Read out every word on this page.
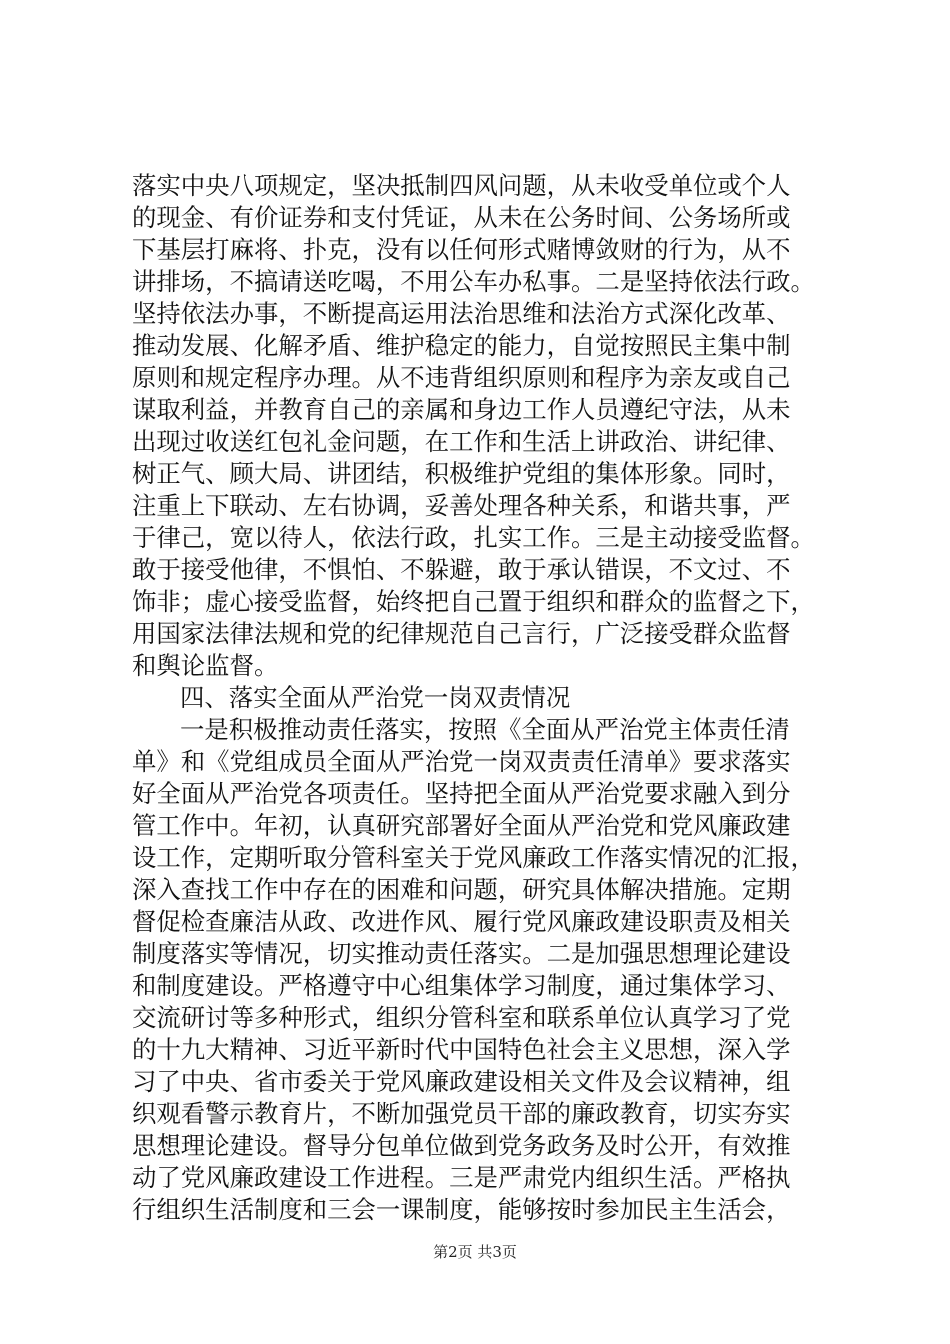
落实中央八项规定，坚决抵制四风问题，从未收受单位或个人
的现金、有价证券和支付凭证，从未在公务时间、公务场所或
下基层打麻将、扑克，没有以任何形式赌博敛财的行为，从不
讲排场，不搞请送吃喝，不用公车办私事。二是坚持依法行政。
坚持依法办事，不断提高运用法治思维和法治方式深化改革、
推动发展、化解矛盾、维护稳定的能力，自觉按照民主集中制
原则和规定程序办理。从不违背组织原则和程序为亲友或自己
谋取利益，并教育自己的亲属和身边工作人员遵纪守法，从未
出现过收送红包礼金问题，在工作和生活上讲政治、讲纪律、
树正气、顾大局、讲团结，积极维护党组的集体形象。同时，
注重上下联动、左右协调，妥善处理各种关系，和谐共事，严
于律己，宽以待人，依法行政，扎实工作。三是主动接受监督。
敢于接受他律，不惧怕、不躲避，敢于承认错误，不文过、不
饰非；虚心接受监督，始终把自己置于组织和群众的监督之下，
用国家法律法规和党的纪律规范自己言行，广泛接受群众监督
和舆论监督。
四、落实全面从严治党一岗双责情况
一是积极推动责任落实，按照《全面从严治党主体责任清
单》和《党组成员全面从严治党一岗双责责任清单》要求落实
好全面从严治党各项责任。坚持把全面从严治党要求融入到分
管工作中。年初，认真研究部署好全面从严治党和党风廉政建
设工作，定期听取分管科室关于党风廉政工作落实情况的汇报，
深入查找工作中存在的困难和问题，研究具体解决措施。定期
督促检查廉洁从政、改进作风、履行党风廉政建设职责及相关
制度落实等情况，切实推动责任落实。二是加强思想理论建设
和制度建设。严格遵守中心组集体学习制度，通过集体学习、
交流研讨等多种形式，组织分管科室和联系单位认真学习了党
的十九大精神、习近平新时代中国特色社会主义思想，深入学
习了中央、省市委关于党风廉政建设相关文件及会议精神，组
织观看警示教育片，不断加强党员干部的廉政教育，切实夯实
思想理论建设。督导分包单位做到党务政务及时公开，有效推
动了党风廉政建设工作进程。三是严肃党内组织生活。严格执
行组织生活制度和三会一课制度，能够按时参加民主生活会，
第2页 共3页
